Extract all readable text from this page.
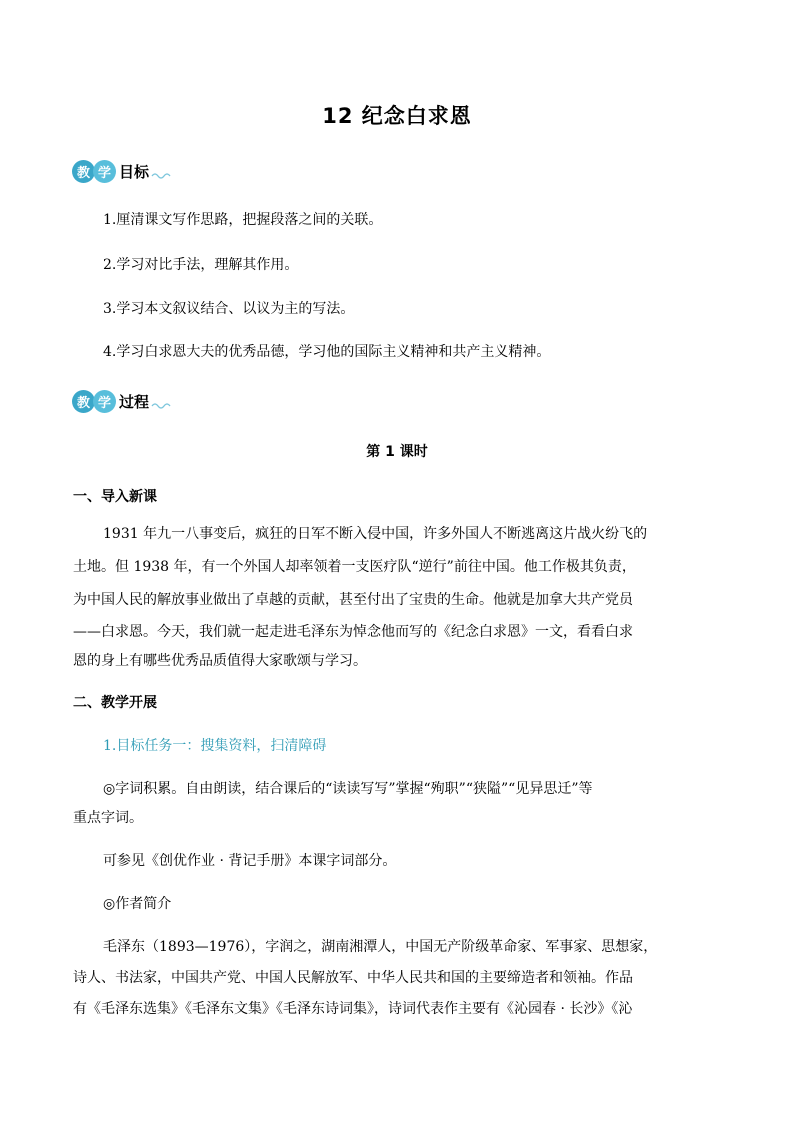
12 纪念白求恩
教 学 目标
1.厘清课文写作思路，把握段落之间的关联。
2.学习对比手法，理解其作用。
3.学习本文叙议结合、以议为主的写法。
4.学习白求恩大夫的优秀品德，学习他的国际主义精神和共产主义精神。
教 学 过程
第 1 课时
一、导入新课
1931 年九一八事变后，疯狂的日军不断入侵中国，许多外国人不断逃离这片战火纷飞的
土地。但 1938 年，有一个外国人却率领着一支医疗队“逆行”前往中国。他工作极其负责，
为中国人民的解放事业做出了卓越的贡献，甚至付出了宝贵的生命。他就是加拿大共产党员
——白求恩。今天，我们就一起走进毛泽东为悼念他而写的《纪念白求恩》一文，看看白求
恩的身上有哪些优秀品质值得大家歌颂与学习。
二、教学开展
1.目标任务一：搜集资料，扫清障碍
◎字词积累。自由朗读，结合课后的“读读写写”掌握“殉职”“狭隘”“见异思迁”等
重点字词。
可参见《创优作业 · 背记手册》本课字词部分。
◎作者简介
毛泽东（1893—1976），字润之，湖南湘潭人，中国无产阶级革命家、军事家、思想家，
诗人、书法家，中国共产党、中国人民解放军、中华人民共和国的主要缔造者和领袖。作品
有《毛泽东选集》《毛泽东文集》《毛泽东诗词集》，诗词代表作主要有《沁园春 · 长沙》《沁
